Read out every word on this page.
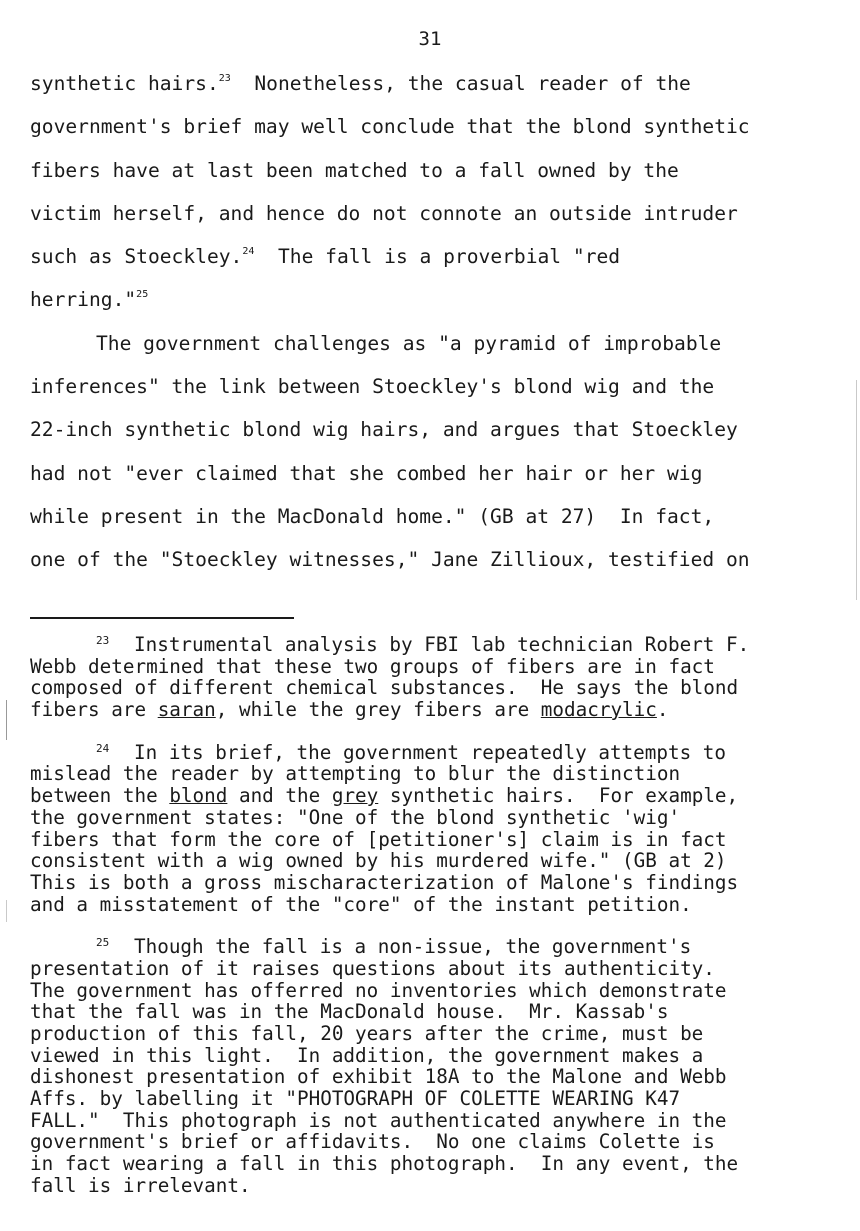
31
synthetic hairs.$^{23}$  Nonetheless, the casual reader of the
government's brief may well conclude that the blond synthetic
fibers have at last been matched to a fall owned by the
victim herself, and hence do not connote an outside intruder
such as Stoeckley.$^{24}$  The fall is a proverbial "red
herring."$^{25}$
The government challenges as "a pyramid of improbable
inferences" the link between Stoeckley's blond wig and the
22-inch synthetic blond wig hairs, and argues that Stoeckley
had not "ever claimed that she combed her hair or her wig
while present in the MacDonald home." (GB at 27)  In fact,
one of the "Stoeckley witnesses," Jane Zillioux, testified on
23 Instrumental analysis by FBI lab technician Robert F.
Webb determined that these two groups of fibers are in fact
composed of different chemical substances.  He says the blond
fibers are saran, while the grey fibers are modacrylic.
24 In its brief, the government repeatedly attempts to
mislead the reader by attempting to blur the distinction
between the blond and the grey synthetic hairs.  For example,
the government states: "One of the blond synthetic 'wig'
fibers that form the core of [petitioner's] claim is in fact
consistent with a wig owned by his murdered wife." (GB at 2)
This is both a gross mischaracterization of Malone's findings
and a misstatement of the "core" of the instant petition.
25 Though the fall is a non-issue, the government's
presentation of it raises questions about its authenticity.
The government has offerred no inventories which demonstrate
that the fall was in the MacDonald house.  Mr. Kassab's
production of this fall, 20 years after the crime, must be
viewed in this light.  In addition, the government makes a
dishonest presentation of exhibit 18A to the Malone and Webb
Affs. by labelling it "PHOTOGRAPH OF COLETTE WEARING K47
FALL."  This photograph is not authenticated anywhere in the
government's brief or affidavits.  No one claims Colette is
in fact wearing a fall in this photograph.  In any event, the
fall is irrelevant.
